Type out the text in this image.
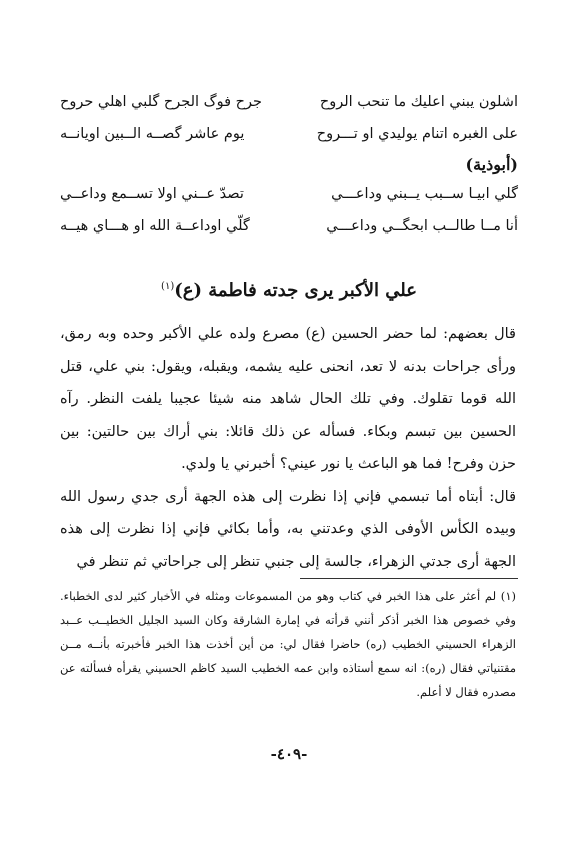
اشلون يبني اعليك ما تنحب الروح
جرح فوگ الجرح گلبي اهلي حروح
على الغبره اتنام يوليدي او تـــروح
يوم عاشر گصــه الــبين اويانــه
(أبوذية)
گلي ابيـا ســبب يــبني وداعـــي
تصدّ عــني اولا تســمع وداعــي
أنا مــا طالــب ابحگــي وداعـــي
گلّي اوداعــة الله او هـــاي هيــه
علي الأكبر يرى جدته فاطمة (ع)$^{(١)}$

قال بعضهم: لما حضر الحسين (ع) مصرع ولده علي الأكبر وحده وبه رمق، ورأى جراحات بدنه لا تعد، انحنى عليه يشمه، ويقبله، ويقول: بني علي، قتل الله قوما تقلوك. وفي تلك الحال شاهد منه شيئا عجيبا يلفت النظر. رآه الحسين بين تبسم وبكاء. فسأله عن ذلك قائلا: بني أراك بين حالتين: بين حزن وفرح! فما هو الباعث يا نور عيني؟ أخبرني يا ولدي.

قال: أبتاه أما تبسمي فإني إذا نظرت إلى هذه الجهة أرى جدي رسول الله وبيده الكأس الأوفى الذي وعدتني به، وأما بكائي فإني إذا نظرت إلى هذه الجهة أرى جدتي الزهراء، جالسة إلى جنبي تنظر إلى جراحاتي ثم تنظر في

(١) لم أعثر على هذا الخبر في كتاب وهو من المسموعات ومثله في الأخبار كثير لدى الخطباء. وفي خصوص هذا الخبر أذكر أنني قرأته في إمارة الشارقة وكان السيد الجليل الخطيــب عــبد الزهراء الحسيني الخطيب (ره) حاضرا فقال لي: من أين أخذت هذا الخبر فأخبرته بأنــه مــن مقتنياتي فقال (ره): انه سمع أستاذه وابن عمه الخطيب السيد كاظم الحسيني يقرأه فسألته عن مصدره فقال لا أعلم.
-٤٠٩-
